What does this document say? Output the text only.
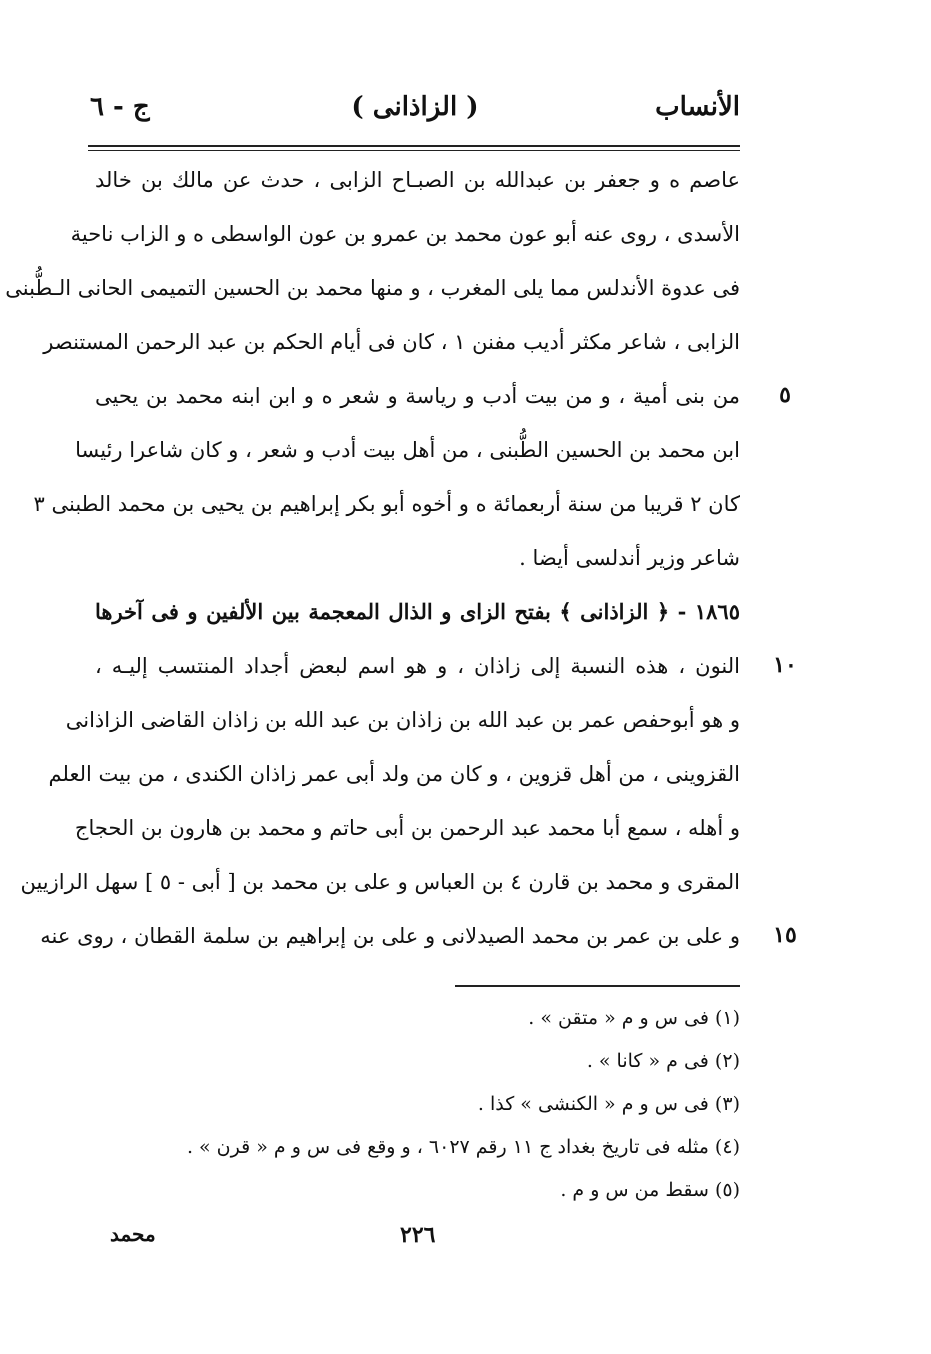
الأنساب
( الزاذانى )
ج - ٦
٥
١٠
١٥
عاصم ه و جعفر بن عبدالله بن الصبـاح الزابى ، حدث عن مالك بن خالد
الأسدى ، روى عنه أبو عون محمد بن عمرو بن عون الواسطى ه و الزاب ناحية
فى عدوة الأندلس مما يلى المغرب ، و منها محمد بن الحسين التميمى الحانى الـطُّبنى
الزابى ، شاعر مكثر أديب مفنن ١ ، كان فى أيام الحكم بن عبد الرحمن المستنصر
من بنى أمية ، و من بيت أدب و رياسة و شعر ه و ابن ابنه محمد بن يحيى
ابن محمد بن الحسين الطُّبنى ، من أهل بيت أدب و شعر ، و كان شاعرا رئيسا
كان ٢ قريبا من سنة أربعمائة ه و أخوه أبو بكر إبراهيم بن يحيى بن محمد الطبنى ٣
شاعر وزير أندلسى أيضا .
١٨٦٥ - ﴿ الزاذانى ﴾ بفتح الزاى و الذال المعجمة بين الألفين و فى آخرها
النون ، هذه النسبة إلى زاذان ، و هو اسم لبعض أجداد المنتسب إليـه ،
و هو أبوحفص عمر بن عبد الله بن زاذان بن عبد الله بن زاذان القاضى الزاذانى
القزوينى ، من أهل قزوين ، و كان من ولد أبى عمر زاذان الكندى ، من بيت العلم
و أهله ، سمع أبا محمد عبد الرحمن بن أبى حاتم و محمد بن هارون بن الحجاج
المقرى و محمد بن قارن ٤ بن العباس و على بن محمد بن [ أبى - ٥ ] سهل الرازيين
و على بن عمر بن محمد الصيدلانى و على بن إبراهيم بن سلمة القطان ، روى عنه
(١) فى س و م « متقن » .
(٢) فى م « كانا » .
(٣) فى س و م « الكنشى » كذا .
(٤) مثله فى تاريخ بغداد ج ١١ رقم ٦٠٢٧ ، و وقع فى س و م « قرن » .
(٥) سقط من س و م .
محمد	٢٢٦
